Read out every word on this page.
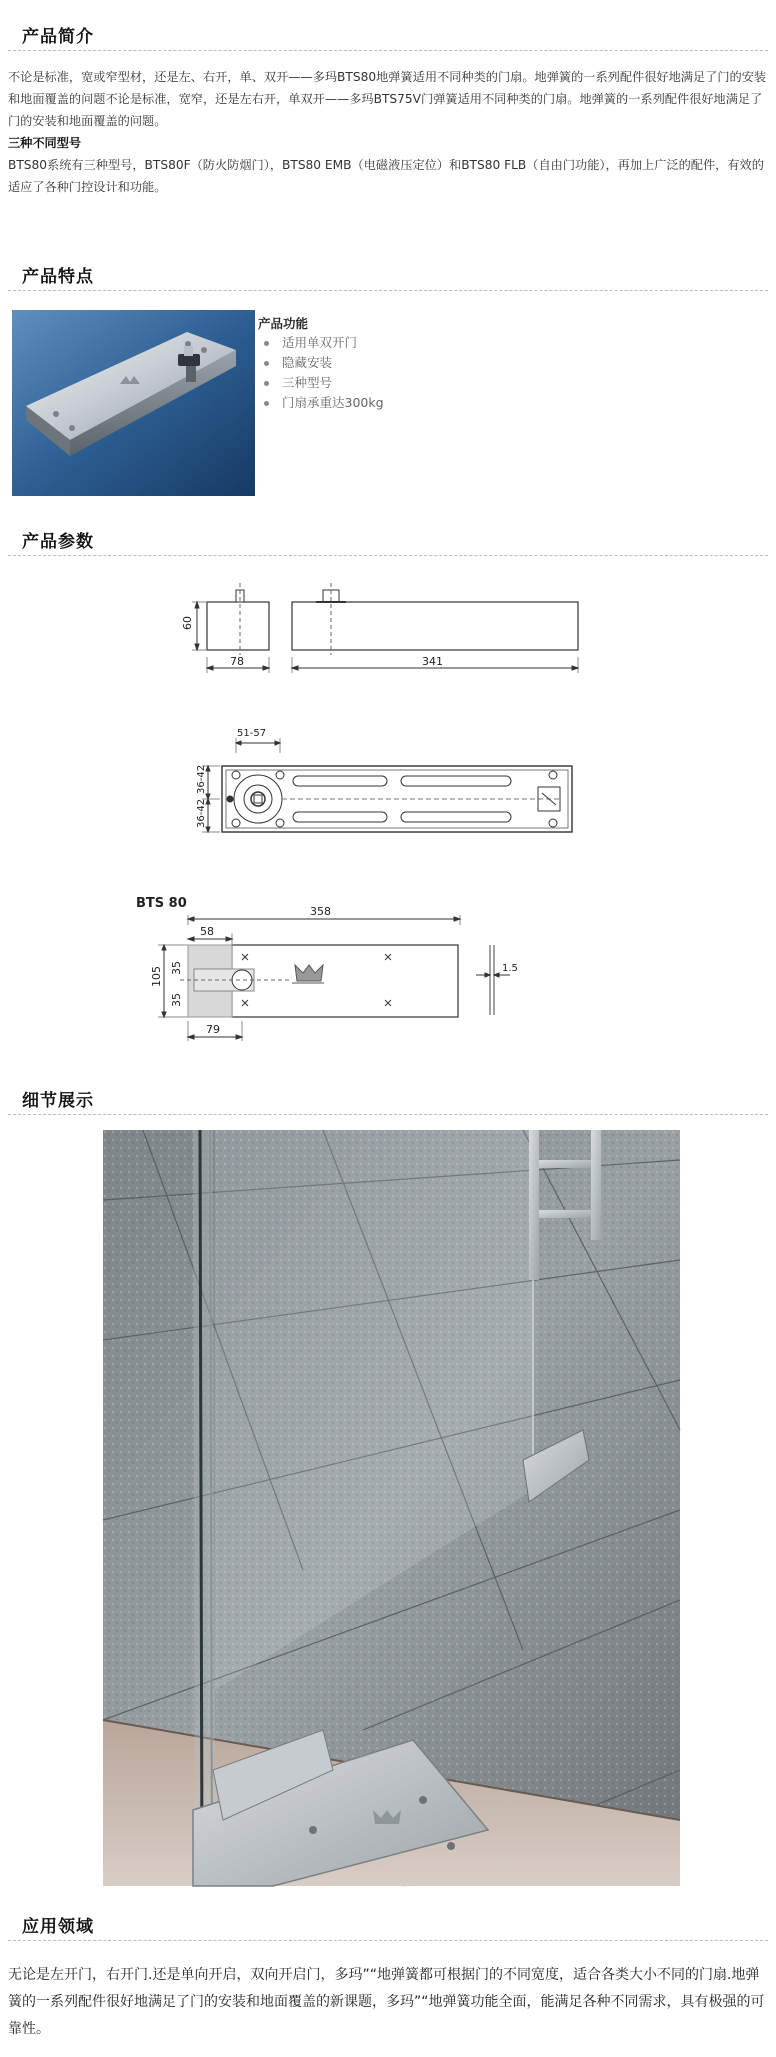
产品简介
不论是标准，宽或窄型材，还是左、右开，单、双开——多玛BTS80地弹簧适用不同种类的门扇。地弹簧的一系列配件很好地满足了门的安装和地面覆盖的问题不论是标准，宽窄，还是左右开，单双开——多玛BTS75V门弹簧适用不同种类的门扇。地弹簧的一系列配件很好地满足了门的安装和地面覆盖的问题。
三种不同型号
BTS80系统有三种型号，BTS80F（防火防烟门），BTS80 EMB（电磁液压定位）和BTS80 FLB（自由门功能），再加上广泛的配件，有效的适应了各种门控设计和功能。
产品特点
产品功能
适用单双开门
隐藏安装
三种型号
门扇承重达300kg
产品参数
60
78	341
51-57
36-42
36-42
BTS 80
358
58
105 35
35
79
1.5
细节展示
应用领域
无论是左开门，右开门.还是单向开启，双向开启门，多玛”“地弹簧都可根据门的不同宽度，适合各类大小不同的门扇.地弹簧的一系列配件很好地满足了门的安装和地面覆盖的新课题，多玛”“地弹簧功能全面，能满足各种不同需求，具有极强的可靠性。
